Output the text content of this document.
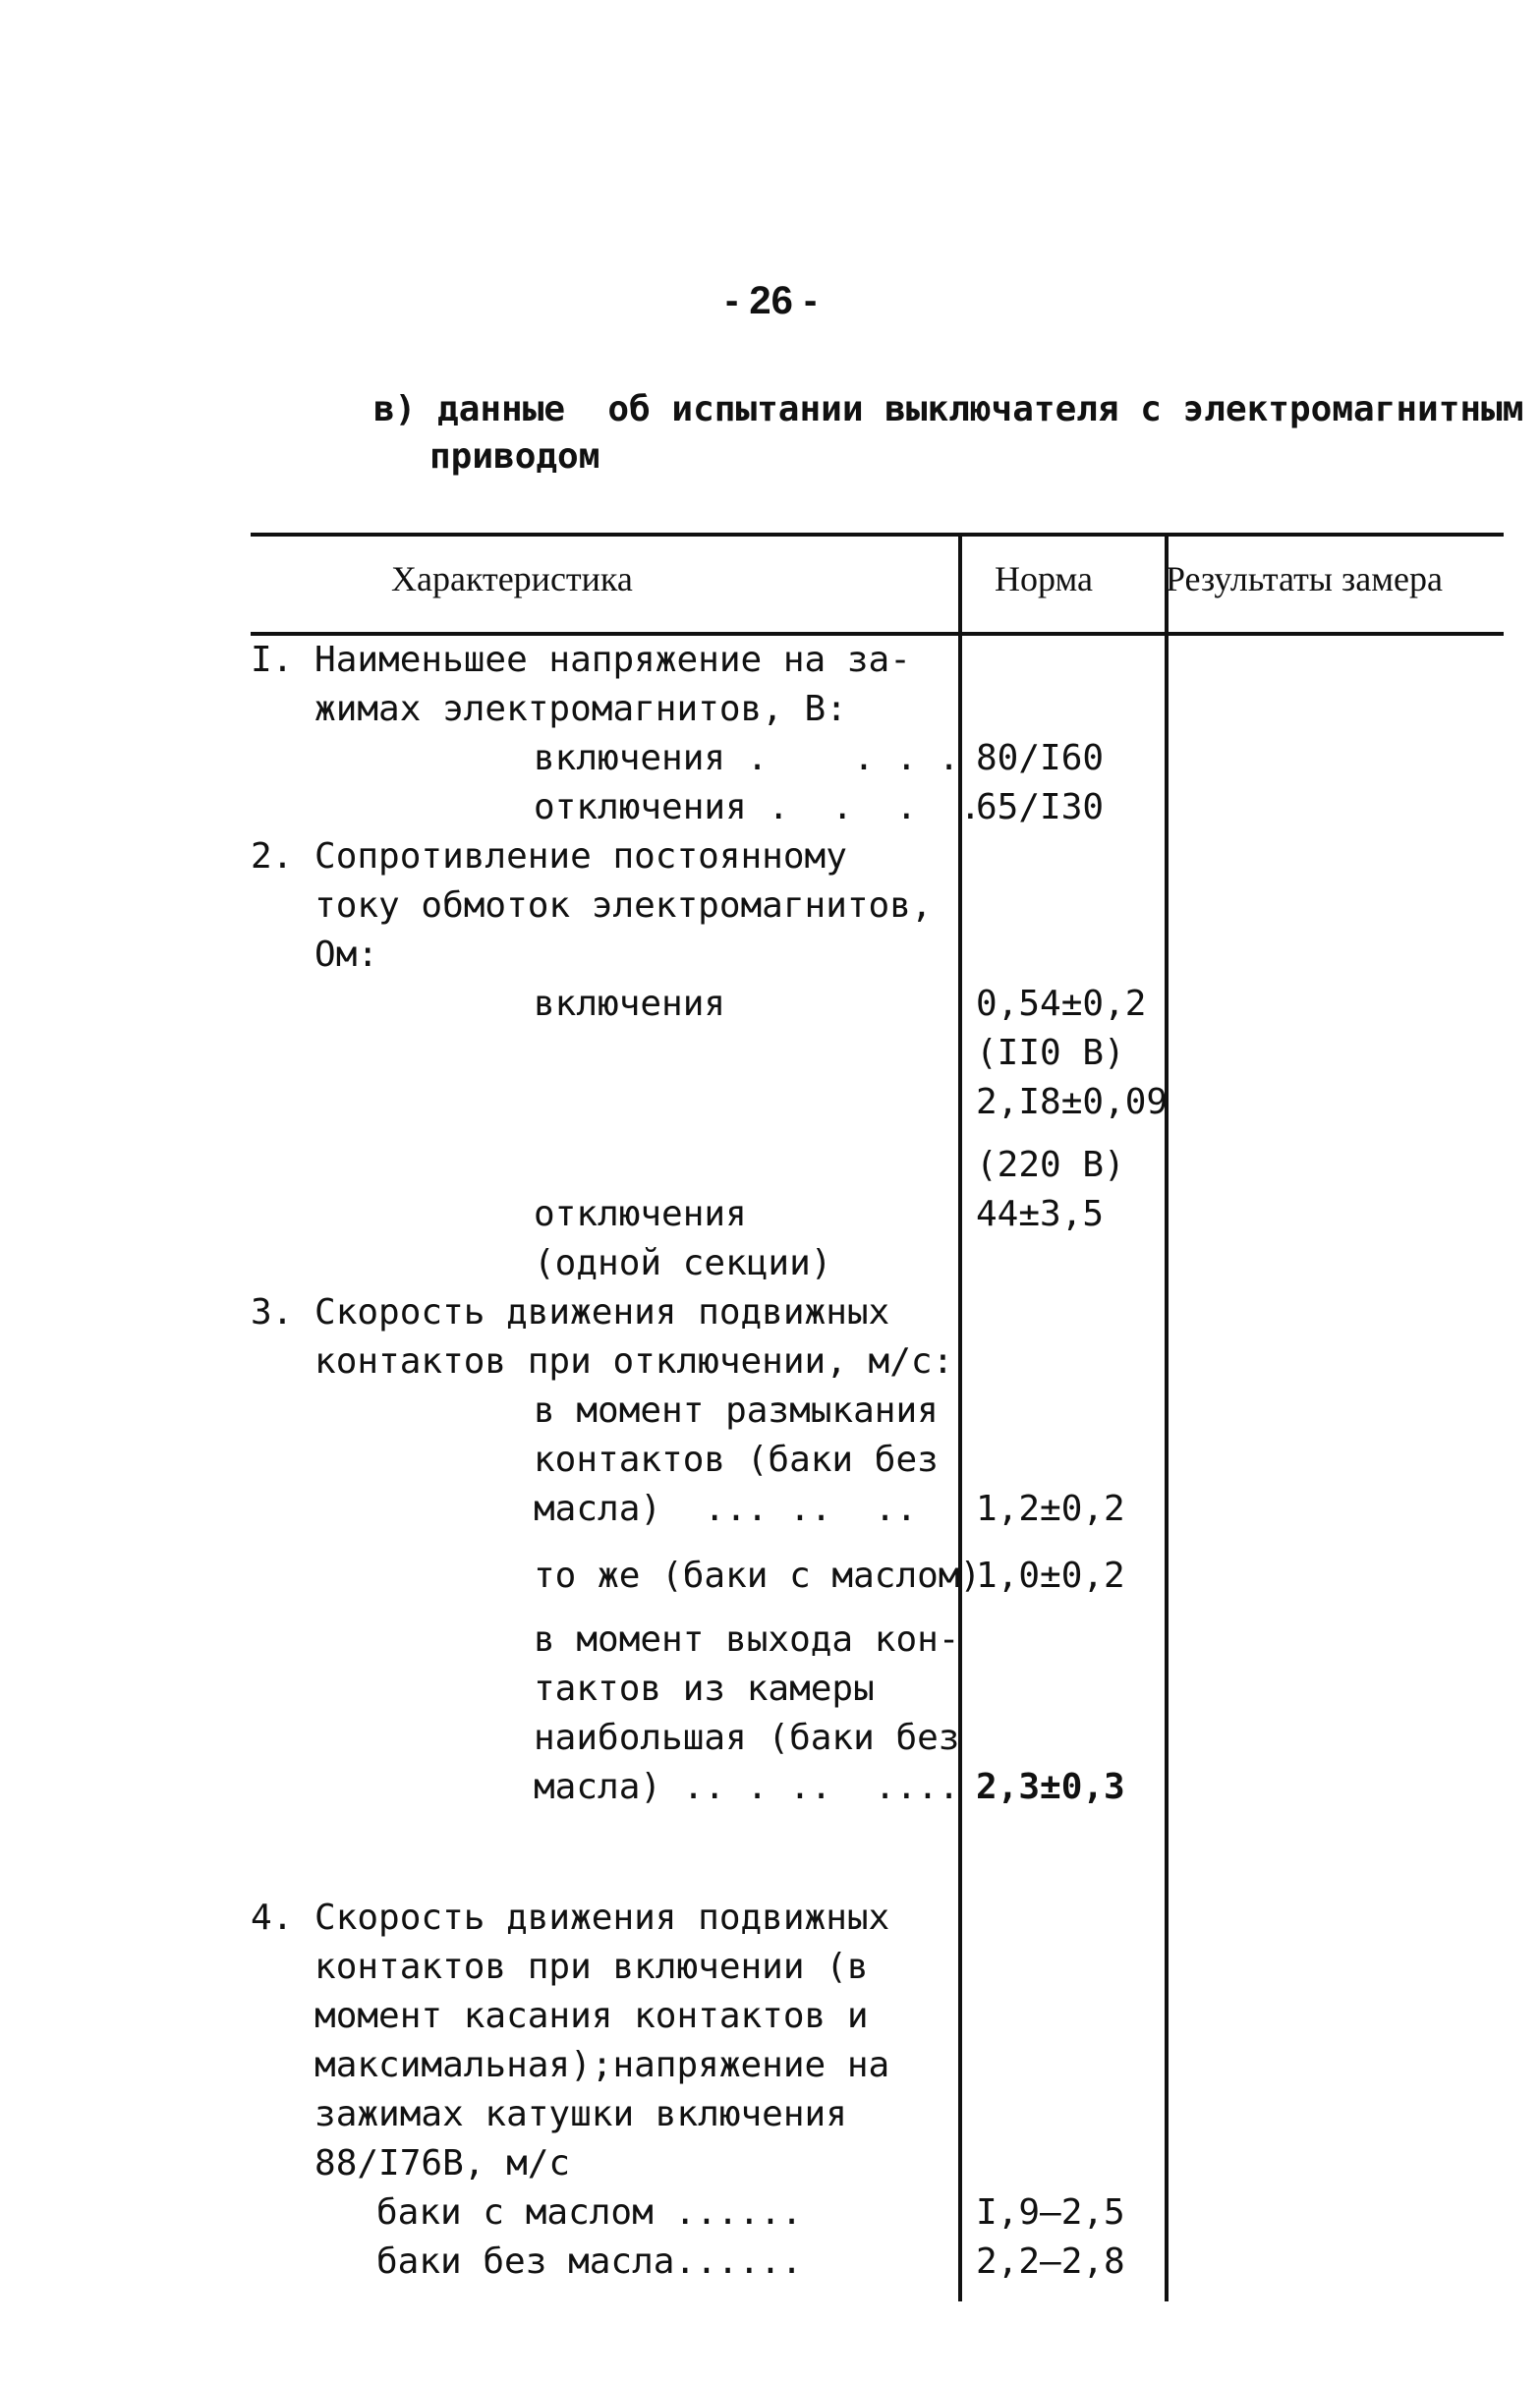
- 26 -
в) данные  об испытании выключателя с электромагнитным
приводом
Характеристика	Норма Результаты замера
I. Наименьшее напряжение на за-
жимах электромагнитов, В:
включения .    . . .
отключения .  .  .  .
2. Сопротивление постоянному
току обмоток электромагнитов,
Ом:
включения
отключения
(одной секции)
3. Скорость движения подвижных
контактов при отключении, м/с:
в момент размыкания
контактов (баки без
масла)  ... ..  ..
то же (баки с маслом)
в момент выхода кон-
тактов из камеры
наибольшая (баки без
масла) .. . ..  ....
4. Скорость движения подвижных
контактов при включении (в
момент касания контактов и
максимальная);напряжение на
зажимах катушки включения
88/I76B, м/с
баки с маслом ......
баки без масла......
80/I60
65/I30
0,54±0,2
(II0 В)
2,I8±0,09
(220 В)
44±3,5
1,2±0,2
1,0±0,2
2,3±0,3
I,9–2,5
2,2–2,8
